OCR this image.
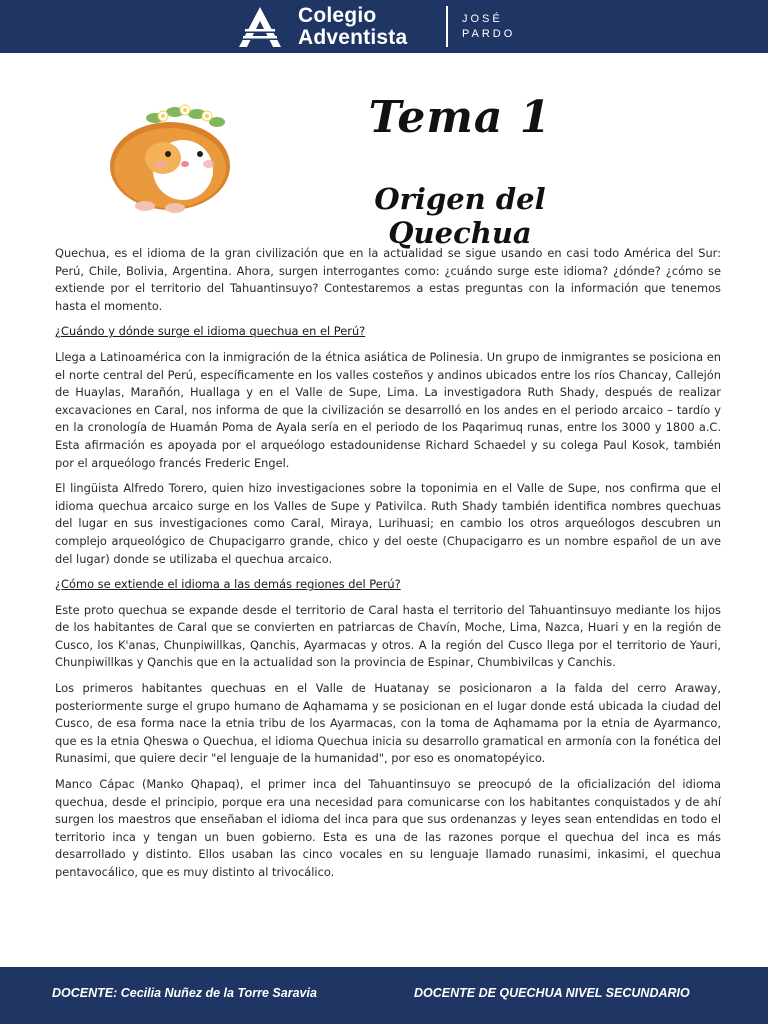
Colegio
Adventista
JOSÉ
PARDO
Tema 1
Origen del Quechua

Quechua, es el idioma de la gran civilización que en la actualidad se sigue usando en casi todo América del Sur: Perú, Chile, Bolivia, Argentina. Ahora, surgen interrogantes como: ¿cuándo surge este idioma? ¿dónde? ¿cómo se extiende por el territorio del Tahuantinsuyo? Contestaremos a estas preguntas con la información que tenemos hasta el momento.

¿Cuándo y dónde surge el idioma quechua en el Perú?

Llega a Latinoamérica con la inmigración de la étnica asiática de Polinesia. Un grupo de inmigrantes se posiciona en el norte central del Perú, específicamente en los valles costeños y andinos ubicados entre los ríos Chancay, Callejón de Huaylas, Marañón, Huallaga y en el Valle de Supe, Lima. La investigadora Ruth Shady, después de realizar excavaciones en Caral, nos informa de que la civilización se desarrolló en los andes en el periodo arcaico – tardío y en la cronología de Huamán Poma de Ayala sería en el periodo de los Paqarimuq runas, entre los 3000 y 1800 a.C. Esta afirmación es apoyada por el arqueólogo estadounidense Richard Schaedel y su colega Paul Kosok, también por el arqueólogo francés Frederic Engel.

El lingüista Alfredo Torero, quien hizo investigaciones sobre la toponimia en el Valle de Supe, nos confirma que el idioma quechua arcaico surge en los Valles de Supe y Pativilca. Ruth Shady también identifica nombres quechuas del lugar en sus investigaciones como Caral, Miraya, Lurihuasi; en cambio los otros arqueólogos descubren un complejo arqueológico de Chupacigarro grande, chico y del oeste (Chupacigarro es un nombre español de un ave del lugar) donde se utilizaba el quechua arcaico.

¿Cómo se extiende el idioma a las demás regiones del Perú?

Este proto quechua se expande desde el territorio de Caral hasta el territorio del Tahuantinsuyo mediante los hijos de los habitantes de Caral que se convierten en patriarcas de Chavín, Moche, Lima, Nazca, Huari y en la región de Cusco, los K'anas, Chunpiwillkas, Qanchis, Ayarmacas y otros. A la región del Cusco llega por el territorio de Yauri, Chunpiwillkas y Qanchis que en la actualidad son la provincia de Espinar, Chumbivilcas y Canchis.

Los primeros habitantes quechuas en el Valle de Huatanay se posicionaron a la falda del cerro Araway, posteriormente surge el grupo humano de Aqhamama y se posicionan en el lugar donde está ubicada la ciudad del Cusco, de esa forma nace la etnia tribu de los Ayarmacas, con la toma de Aqhamama por la etnia de Ayarmanco, que es la etnia Qheswa o Quechua, el idioma Quechua inicia su desarrollo gramatical en armonía con la fonética del Runasimi, que quiere decir "el lenguaje de la humanidad", por eso es onomatopéyico.

Manco Cápac (Manko Qhapaq), el primer inca del Tahuantinsuyo se preocupó de la oficialización del idioma quechua, desde el principio, porque era una necesidad para comunicarse con los habitantes conquistados y de ahí surgen los maestros que enseñaban el idioma del inca para que sus ordenanzas y leyes sean entendidas en todo el territorio inca y tengan un buen gobierno. Esta es una de las razones porque el quechua del inca es más desarrollado y distinto. Ellos usaban las cinco vocales en su lenguaje llamado runasimi, inkasimi, el quechua pentavocálico, que es muy distinto al trivocálico.

DOCENTE: Cecilia Nuñez de la Torre Saravia	DOCENTE DE QUECHUA NIVEL SECUNDARIO
